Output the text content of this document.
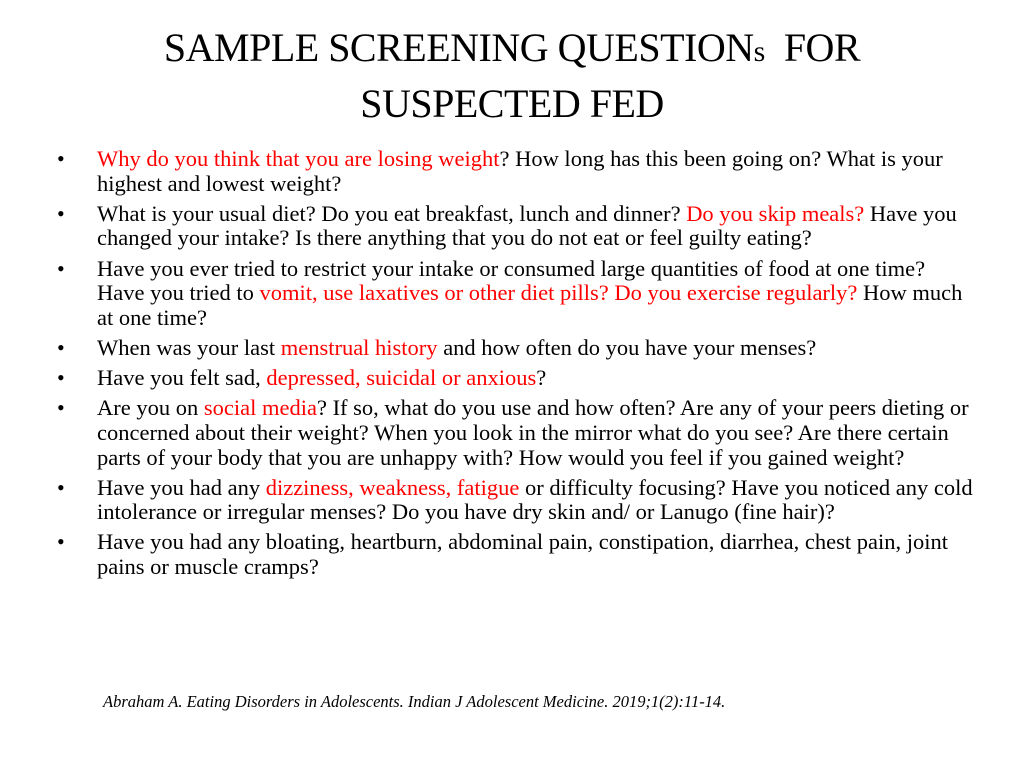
SAMPLE SCREENING QUESTIONs  FOR
SUSPECTED FED
• Why do you think that you are losing weight? How long has this been going on? What is your highest and lowest weight?
• What is your usual diet? Do you eat breakfast, lunch and dinner? Do you skip meals? Have you changed your intake? Is there anything that you do not eat or feel guilty eating?
• Have you ever tried to restrict your intake or consumed large quantities of food at one time? Have you tried to vomit, use laxatives or other diet pills? Do you exercise regularly? How much at one time?
• When was your last menstrual history and how often do you have your menses?
• Have you felt sad, depressed, suicidal or anxious?
• Are you on social media? If so, what do you use and how often? Are any of your peers dieting or concerned about their weight? When you look in the mirror what do you see? Are there certain parts of your body that you are unhappy with? How would you feel if you gained weight?
• Have you had any dizziness, weakness, fatigue or difficulty focusing? Have you noticed any cold intolerance or irregular menses? Do you have dry skin and/ or Lanugo (fine hair)?
• Have you had any bloating, heartburn, abdominal pain, constipation, diarrhea, chest pain, joint pains or muscle cramps?
Abraham A. Eating Disorders in Adolescents. Indian J Adolescent Medicine. 2019;1(2):11-14.
